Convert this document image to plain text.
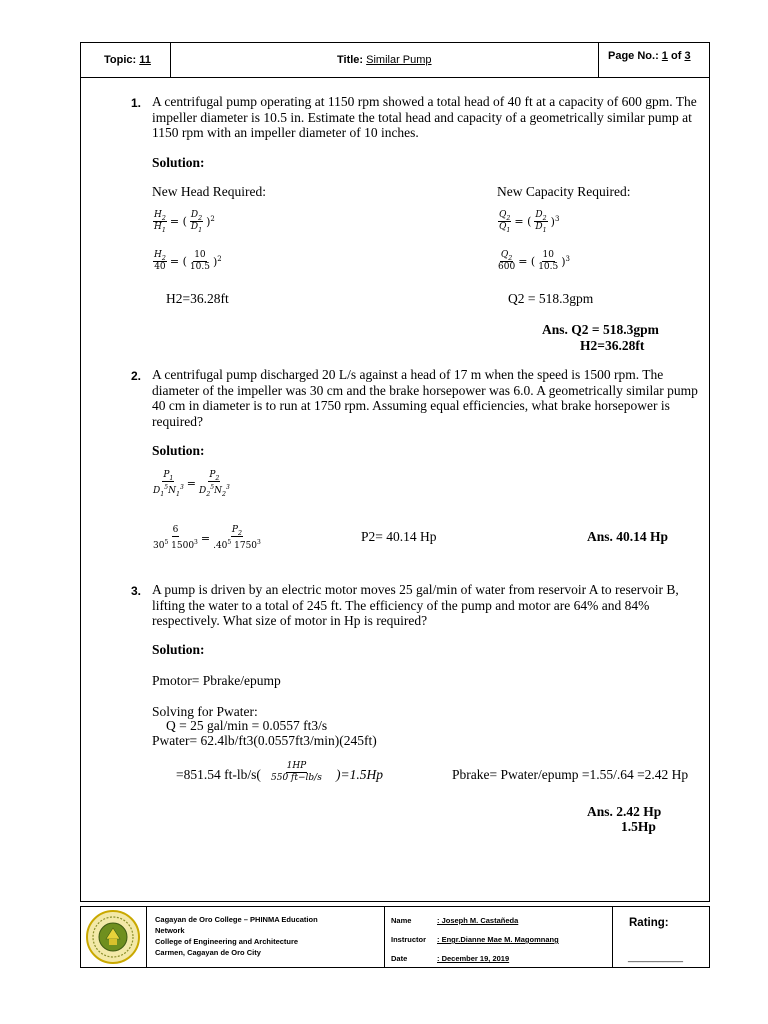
Topic:
11	Title:
Similar Pump	Page No.:
1
of
3
1. A centrifugal pump operating at 1150 rpm showed a total head of 40 ft at a capacity of 600 gpm. The impeller diameter is 10.5 in. Estimate the total head and capacity of a geometrically similar pump at 1150 rpm with an impeller diameter of 10 inches.
Solution:
New Head Required:	New Capacity Required:
$\frac{H_2}{H_1}$ = ( $\frac{D_2}{D_1} )^2$
$\frac{H_2}{40}$ = ( $\frac{10}{10.5} )^2$
$\frac{Q_2}{Q_1}$ = ( $\frac{D_2}{D_1} )^3$
$\frac{Q_2}{600}$ = ( $\frac{10}{10.5} )^3$
H2=36.28ft	Q2 = 518.3gpm
Ans. Q2 = 518.3gpm
H2=36.28ft
2. A centrifugal pump discharged 20 L/s against a head of 17 m when the speed is 1500 rpm. The diameter of the impeller was 30 cm and the brake horsepower was 6.0. A geometrically similar pump 40 cm in diameter is to run at 1750 rpm. Assuming equal efficiencies, what brake horsepower is required?
Solution:
$\frac{P_1}{D_1^5N_1^3} = \frac{P_2}{D_2^5N_2^3}$
$\frac{6}{30^5 1500^3} = \frac{P_2}{.40^5 1750^3}$	P2= 40.14 Hp	Ans. 40.14 Hp
3. A pump is driven by an electric motor moves 25 gal/min of water from reservoir A to reservoir B, lifting the water to a total of 245 ft. The efficiency of the pump and motor are 64% and 84% respectively. What size of motor in Hp is required?
Solution:
Pmotor= Pbrake/epump
Solving for Pwater:
Q = 25 gal/min = 0.0557 ft3/s
Pwater= 62.4lb/ft3(0.0557ft3/min)(245ft)
=851.54 $ft-lb/s( \frac{1HP}{550 ft-lb/s} )=1.5Hp$	Pbrake= Pwater/epump =1.55/.64 =2.42 Hp
Ans. 2.42 Hp
1.5Hp
Cagayan de Oro College – PHINMA Education
Network
College of Engineering and Architecture
Carmen, Cagayan de Oro City
Name	: Joseph M. Castañeda
Instructor : Engr.Dianne Mae M. Magomnang
Date	: December 19, 2019
Rating:
___________
